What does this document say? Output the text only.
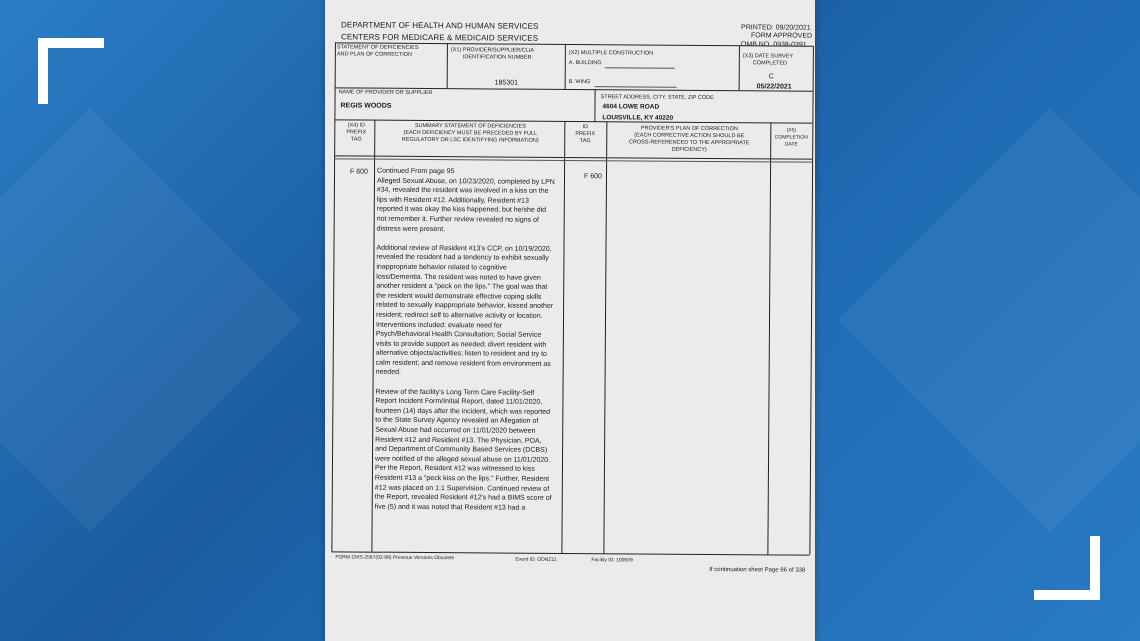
DEPARTMENT OF HEALTH AND HUMAN SERVICES
CENTERS FOR MEDICARE & MEDICAID SERVICES
PRINTED: 09/20/2021
FORM APPROVED
OMB NO. 0938-0391
STATEMENT OF DEFICIENCIES
AND PLAN OF CORRECTION
(X1) PROVIDER/SUPPLIER/CLIA
IDENTIFICATION NUMBER:
185301
(X2) MULTIPLE CONSTRUCTION
A. BUILDING
B. WING
(X3) DATE SURVEY
COMPLETED
C
05/22/2021
NAME OF PROVIDER OR SUPPLIER
REGIS WOODS
STREET ADDRESS, CITY, STATE, ZIP CODE
4604 LOWE ROAD
LOUISVILLE, KY 40220
(X4) ID
PREFIX
TAG
SUMMARY STATEMENT OF DEFICIENCIES
(EACH DEFICIENCY MUST BE PRECEDED BY FULL
REGULATORY OR LSC IDENTIFYING INFORMATION)
ID
PREFIX
TAG
PROVIDER'S PLAN OF CORRECTION
(EACH CORRECTIVE ACTION SHOULD BE
CROSS-REFERENCED TO THE APPROPRIATE
DEFICIENCY)
(X5)
COMPLETION
DATE
F 600
F 600

Continued From page 95
Alleged Sexual Abuse, on 10/23/2020, completed by LPN #34, revealed the resident was involved in a kiss on the lips with Resident #12. Additionally, Resident #13 reported it was okay the kiss happened, but he/she did not remember it. Further review revealed no signs of distress were present.

Additional review of Resident #13's CCP, on 10/19/2020, revealed the resident had a tendency to exhibit sexually inappropriate behavior related to cognitive loss/Dementia. The resident was noted to have given another resident a "peck on the lips." The goal was that the resident would demonstrate effective coping skills related to sexually inappropriate behavior, kissed another resident; redirect self to alternative activity or location. Interventions included: evaluate need for Psych/Behavioral Health Consultation; Social Service visits to provide support as needed; divert resident with alternative objects/activities; listen to resident and try to calm resident; and remove resident from environment as needed.

Review of the facility's Long Term Care Facility-Self Report Incident Form/Initial Report, dated 11/01/2020, fourteen (14) days after the incident, which was reported to the State Survey Agency revealed an Allegation of Sexual Abuse had occurred on 11/01/2020 between Resident #12 and Resident #13. The Physician, POA, and Department of Community Based Services (DCBS) were notified of the alleged sexual abuse on 11/01/2020. Per the Report, Resident #12 was witnessed to kiss Resident #13 a "peck kiss on the lips." Further, Resident #12 was placed on 1:1 Supervision. Continued review of the Report, revealed Resident #12's had a BIMS score of five (5) and it was noted that Resident #13 had a

FORM CMS-2567(02-99) Previous Versions Obsolete	Event ID: ODNZ11	Facility ID: 100509
If continuation sheet Page 96 of 338
